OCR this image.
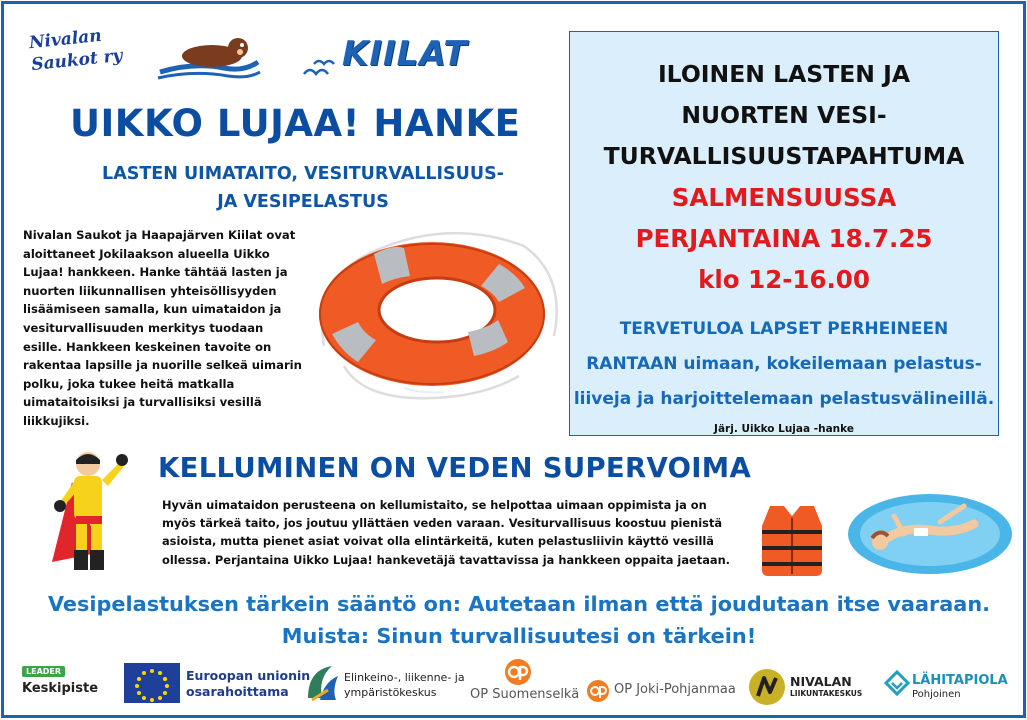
Nivalan Saukot ry	KIILAT
UIKKO LUJAA! HANKE
LASTEN UIMATAITO, VESITURVALLISUUS-
JA VESIPELASTUS
Nivalan Saukot ja Haapajärven Kiilat ovat aloittaneet Jokilaakson alueella Uikko Lujaa! hankkeen. Hanke tähtää lasten ja nuorten liikunnallisen yhteisöllisyyden lisäämiseen samalla, kun uimataidon ja vesiturvallisuuden merkitys tuodaan esille. Hankkeen keskeinen tavoite on rakentaa lapsille ja nuorille selkeä uimarin polku, joka tukee heitä matkalla uimataitoisiksi ja turvallisiksi vesillä liikkujiksi.
ILOINEN LASTEN JA
NUORTEN VESI-
TURVALLISUUSTAPAHTUMA
SALMENSUUSSA
PERJANTAINA 18.7.25
klo 12-16.00
TERVETULOA LAPSET PERHEINEEN
RANTAAN uimaan, kokeilemaan pelastus-
liiveja ja harjoittelemaan pelastusvälineillä.
Järj. Uikko Lujaa -hanke
KELLUMINEN ON VEDEN SUPERVOIMA
Hyvän uimataidon perusteena on kellumistaito, se helpottaa uimaan oppimista ja on myös tärkeä taito, jos joutuu yllättäen veden varaan. Vesiturvallisuus koostuu pienistä asioista, mutta pienet asiat voivat olla elintärkeitä, kuten pelastusliivin käyttö vesillä ollessa. Perjantaina Uikko Lujaa! hankevetäjä tavattavissa ja hankkeen oppaita jaetaan.
Vesipelastuksen tärkein sääntö on: Autetaan ilman että joudutaan itse vaaraan.
Muista: Sinun turvallisuutesi on tärkein!
LEADER
Keskipiste
Euroopan unionin
osarahoittama
Elinkeino-, liikenne- ja
ympäristökeskus	OP Suomenselkä	OP Joki-Pohjanmaa
NIVALAN
LIIKUNTAKESKUS
LÄHITAPIOLA
Pohjoinen
